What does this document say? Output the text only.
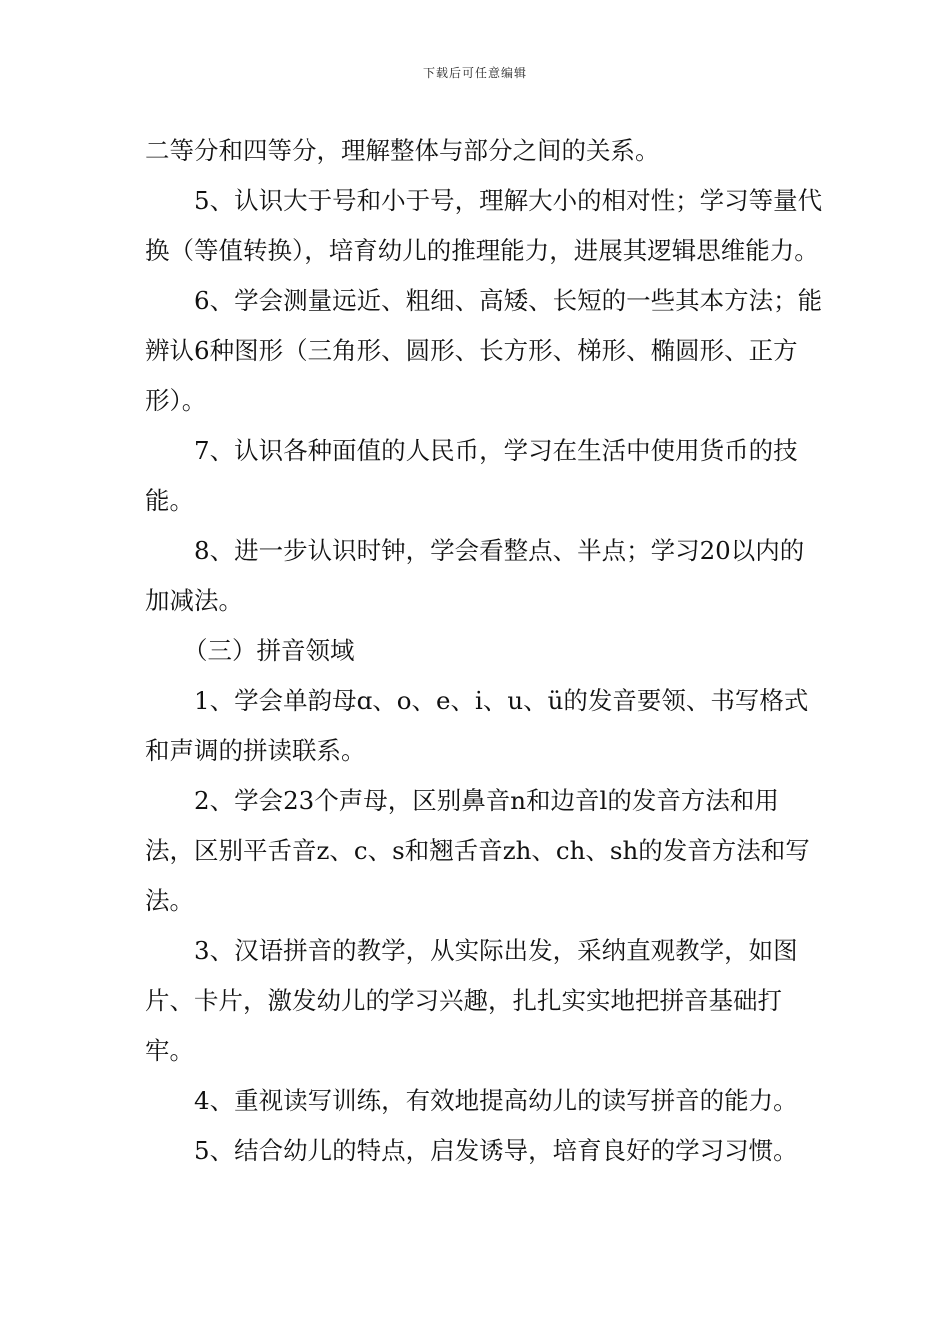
下载后可任意编辑

二等分和四等分，理解整体与部分之间的关系。

5、认识大于号和小于号，理解大小的相对性；学习等量代换（等值转换），培育幼儿的推理能力，进展其逻辑思维能力。

6、学会测量远近、粗细、高矮、长短的一些其本方法；能辨认6种图形（三角形、圆形、长方形、梯形、椭圆形、正方形）。

7、认识各种面值的人民币，学习在生活中使用货币的技能。

8、进一步认识时钟，学会看整点、半点；学习20以内的加减法。

（三）拼音领域

1、学会单韵母ɑ、o、e、i、u、ü的发音要领、书写格式和声调的拼读联系。

2、学会23个声母，区别鼻音n和边音l的发音方法和用法，区别平舌音z、c、s和翘舌音zh、ch、sh的发音方法和写法。

3、汉语拼音的教学，从实际出发，采纳直观教学，如图片、卡片，激发幼儿的学习兴趣，扎扎实实地把拼音基础打牢。

4、重视读写训练，有效地提高幼儿的读写拼音的能力。

5、结合幼儿的特点，启发诱导，培育良好的学习习惯。
